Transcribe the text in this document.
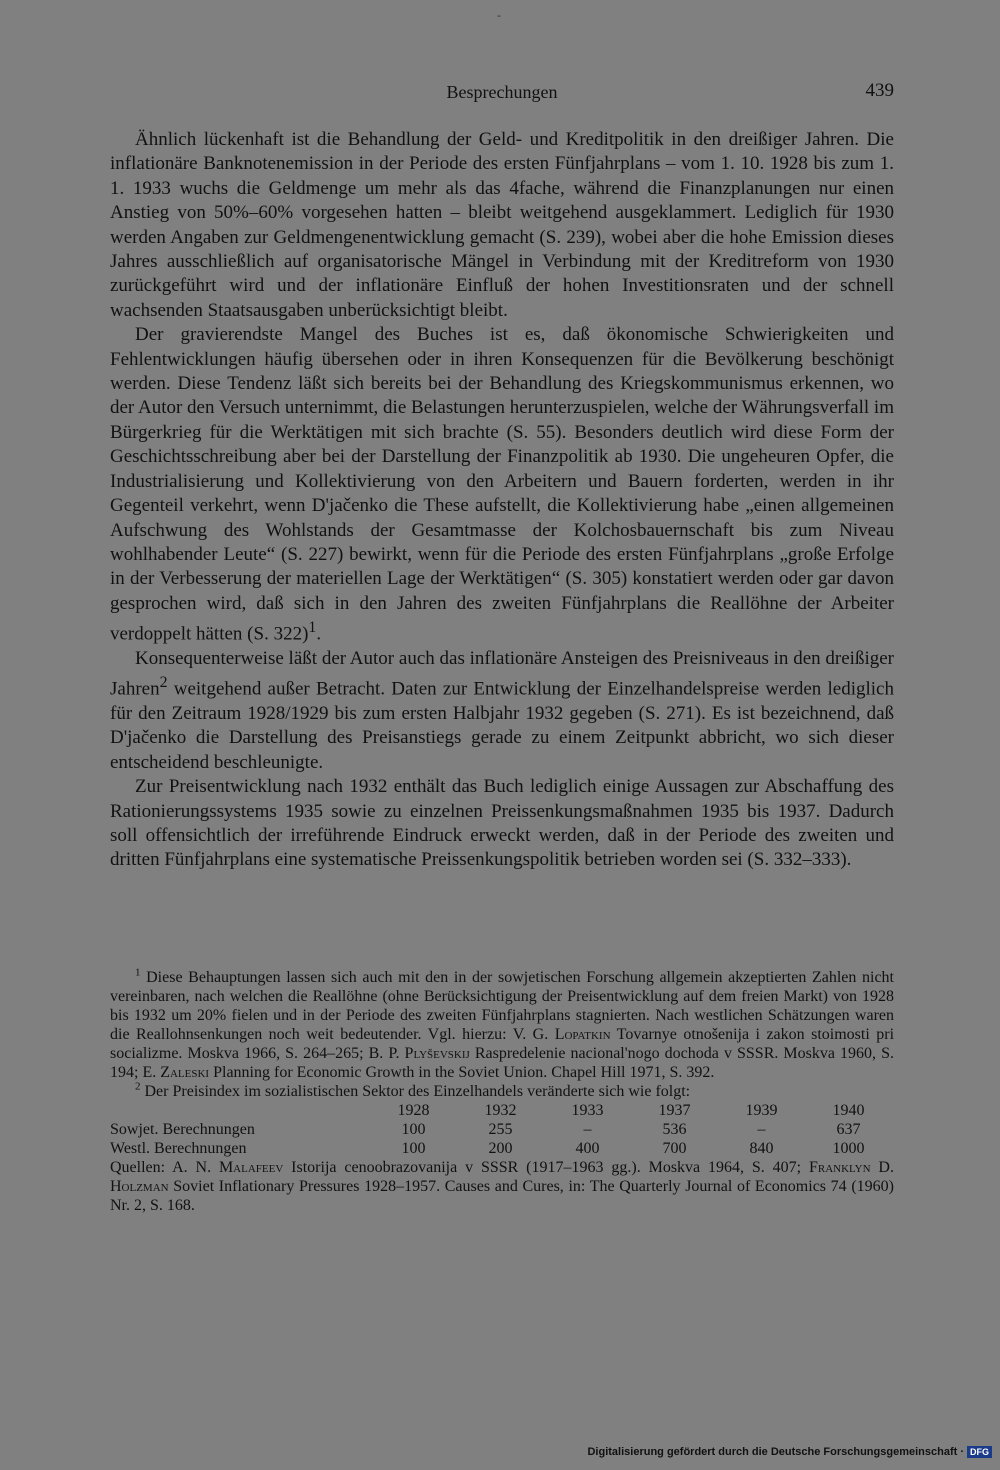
-
Besprechungen	439

Ähnlich lückenhaft ist die Behandlung der Geld- und Kreditpolitik in den dreißiger Jahren. Die inflationäre Banknotenemission in der Periode des ersten Fünfjahrplans – vom 1. 10. 1928 bis zum 1. 1. 1933 wuchs die Geldmenge um mehr als das 4fache, während die Finanzplanungen nur einen Anstieg von 50%–60% vorgesehen hatten – bleibt weitgehend ausgeklammert. Lediglich für 1930 werden Angaben zur Geldmengenentwicklung gemacht (S. 239), wobei aber die hohe Emission dieses Jahres ausschließlich auf organisatorische Mängel in Verbindung mit der Kreditreform von 1930 zurückgeführt wird und der inflationäre Einfluß der hohen Investitionsraten und der schnell wachsenden Staatsausgaben unberücksichtigt bleibt.

Der gravierendste Mangel des Buches ist es, daß ökonomische Schwierigkeiten und Fehlentwicklungen häufig übersehen oder in ihren Konsequenzen für die Bevölkerung beschönigt werden. Diese Tendenz läßt sich bereits bei der Behandlung des Kriegskommunismus erkennen, wo der Autor den Versuch unternimmt, die Belastungen herunterzuspielen, welche der Währungsverfall im Bürgerkrieg für die Werktätigen mit sich brachte (S. 55). Besonders deutlich wird diese Form der Geschichtsschreibung aber bei der Darstellung der Finanzpolitik ab 1930. Die ungeheuren Opfer, die Industrialisierung und Kollektivierung von den Arbeitern und Bauern forderten, werden in ihr Gegenteil verkehrt, wenn D'jačenko die These aufstellt, die Kollektivierung habe „einen allgemeinen Aufschwung des Wohlstands der Gesamtmasse der Kolchosbauernschaft bis zum Niveau wohlhabender Leute“ (S. 227) bewirkt, wenn für die Periode des ersten Fünfjahrplans „große Erfolge in der Verbesserung der materiellen Lage der Werktätigen“ (S. 305) konstatiert werden oder gar davon gesprochen wird, daß sich in den Jahren des zweiten Fünfjahrplans die Reallöhne der Arbeiter verdoppelt hätten (S. 322)$^1$.

Konsequenterweise läßt der Autor auch das inflationäre Ansteigen des Preisniveaus in den dreißiger Jahren$^2$ weitgehend außer Betracht. Daten zur Entwicklung der Einzelhandelspreise werden lediglich für den Zeitraum 1928/1929 bis zum ersten Halbjahr 1932 gegeben (S. 271). Es ist bezeichnend, daß D'jačenko die Darstellung des Preisanstiegs gerade zu einem Zeitpunkt abbricht, wo sich dieser entscheidend beschleunigte.

Zur Preisentwicklung nach 1932 enthält das Buch lediglich einige Aussagen zur Abschaffung des Rationierungssystems 1935 sowie zu einzelnen Preissenkungsmaßnahmen 1935 bis 1937. Dadurch soll offensichtlich der irreführende Eindruck erweckt werden, daß in der Periode des zweiten und dritten Fünfjahrplans eine systematische Preissenkungspolitik betrieben worden sei (S. 332–333).

$^1$ Diese Behauptungen lassen sich auch mit den in der sowjetischen Forschung allgemein akzeptierten Zahlen nicht vereinbaren, nach welchen die Reallöhne (ohne Berücksichtigung der Preisentwicklung auf dem freien Markt) von 1928 bis 1932 um 20% fielen und in der Periode des zweiten Fünfjahrplans stagnierten. Nach westlichen Schätzungen waren die Reallohnsenkungen noch weit bedeutender. Vgl. hierzu: V. G. Lopatkin Tovarnye otnošenija i zakon stoimosti pri socializme. Moskva 1966, S. 264–265; B. P. Plyševskij Raspredelenie nacional'nogo dochoda v SSSR. Moskva 1960, S. 194; E. Zaleski Planning for Economic Growth in the Soviet Union. Chapel Hill 1971, S. 392.

$^2$ Der Preisindex im sozialistischen Sektor des Einzelhandels veränderte sich wie folgt:

	1928	1932	1933	1937	1939	1940
Sowjet. Berechnungen	100	255	–	536	–	637
Westl. Berechnungen	100	200	400	700	840	1000

Quellen: A. N. Malafeev Istorija cenoobrazovanija v SSSR (1917–1963 gg.). Moskva 1964, S. 407; Franklyn D. Holzman Soviet Inflationary Pressures 1928–1957. Causes and Cures, in: The Quarterly Journal of Economics 74 (1960) Nr. 2, S. 168.

Digitalisierung gefördert durch die Deutsche Forschungsgemeinschaft · DFG
